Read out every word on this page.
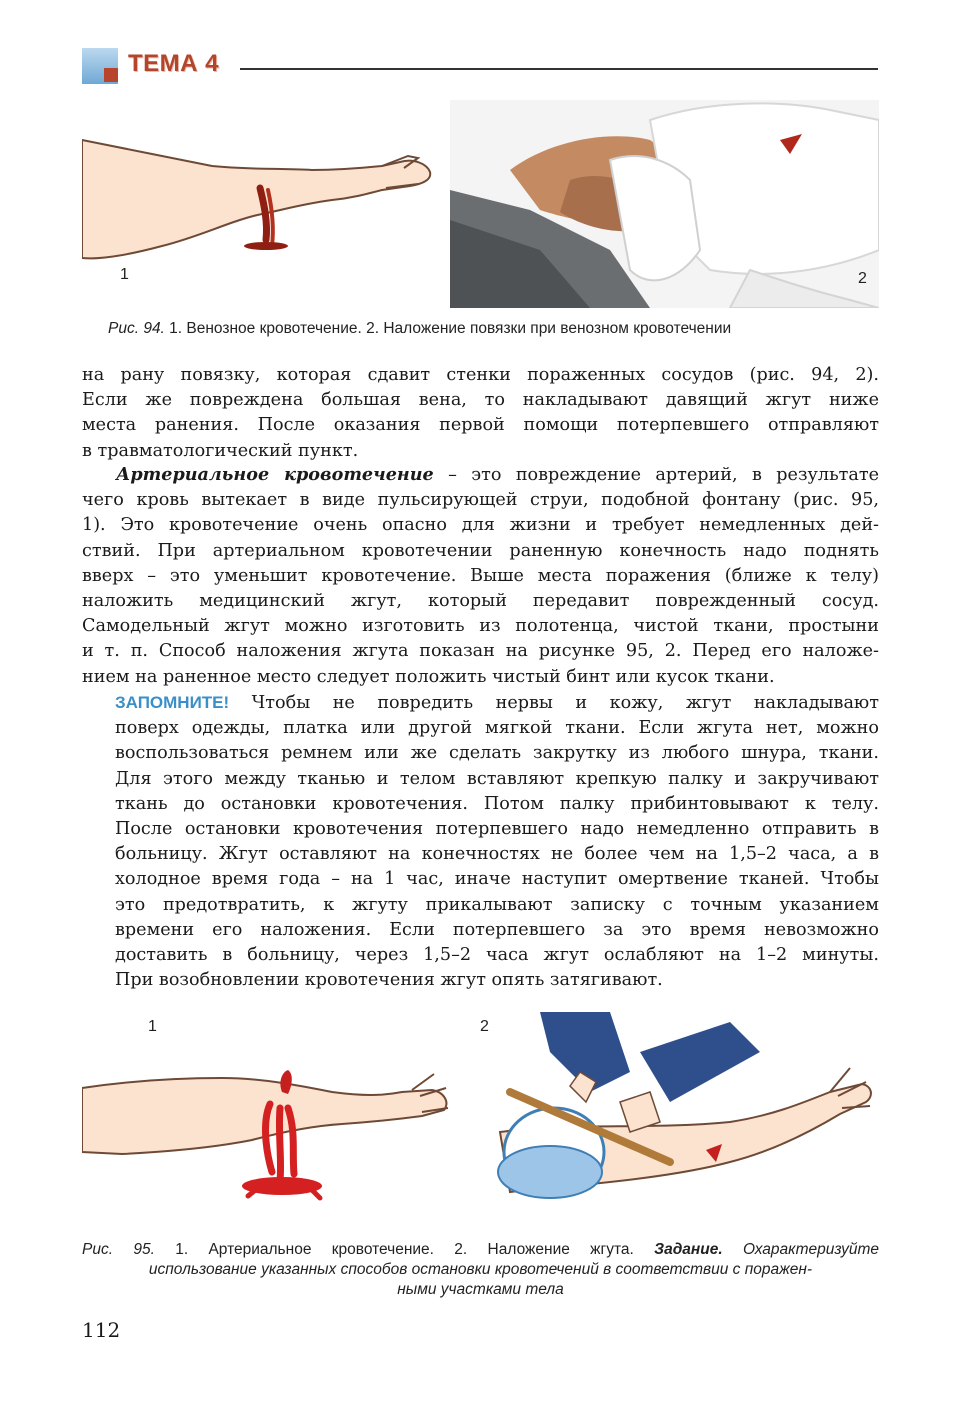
ТЕМА 4
1	2
Рис. 94. 1. Венозное кровотечение. 2. Наложение повязки при венозном кровотечении
на рану повязку, которая сдавит стенки пораженных сосудов (рис. 94, 2).
Если же повреждена большая вена, то накладывают давящий жгут ниже
места ранения. После оказания первой помощи потерпевшего отправляют
в травматологический пункт.
Артериальное кровотечение – это повреждение артерий, в результате
чего кровь вытекает в виде пульсирующей струи, подобной фонтану (рис. 95,
1). Это кровотечение очень опасно для жизни и требует немедленных дей-
ствий. При артериальном кровотечении раненную конечность надо поднять
вверх – это уменьшит кровотечение. Выше места поражения (ближе к телу)
наложить медицинский жгут, который передавит поврежденный сосуд.
Самодельный жгут можно изготовить из полотенца, чистой ткани, простыни
и т. п. Способ наложения жгута показан на рисунке 95, 2. Перед его наложе-
нием на раненное место следует положить чистый бинт или кусок ткани.
ЗАПОМНИТЕ! Чтобы не повредить нервы и кожу, жгут накладывают
поверх одежды, платка или другой мягкой ткани. Если жгута нет, можно
воспользоваться ремнем или же сделать закрутку из любого шнура, ткани.
Для этого между тканью и телом вставляют крепкую палку и закручивают
ткань до остановки кровотечения. Потом палку прибинтовывают к телу.
После остановки кровотечения потерпевшего надо немедленно отправить в
больницу. Жгут оставляют на конечностях не более чем на 1,5–2 часа, а в
холодное время года – на 1 час, иначе наступит омертвение тканей. Чтобы
это предотвратить, к жгуту прикалывают записку с точным указанием
времени его наложения. Если потерпевшего за это время невозможно
доставить в больницу, через 1,5–2 часа жгут ослабляют на 1–2 минуты.
При возобновлении кровотечения жгут опять затягивают.
1	2
Рис. 95. 1. Артериальное кровотечение. 2. Наложение жгута. Задание. Охарактеризуйте
использование указанных способов остановки кровотечений в соответствии с поражен-
ными участками тела
112
